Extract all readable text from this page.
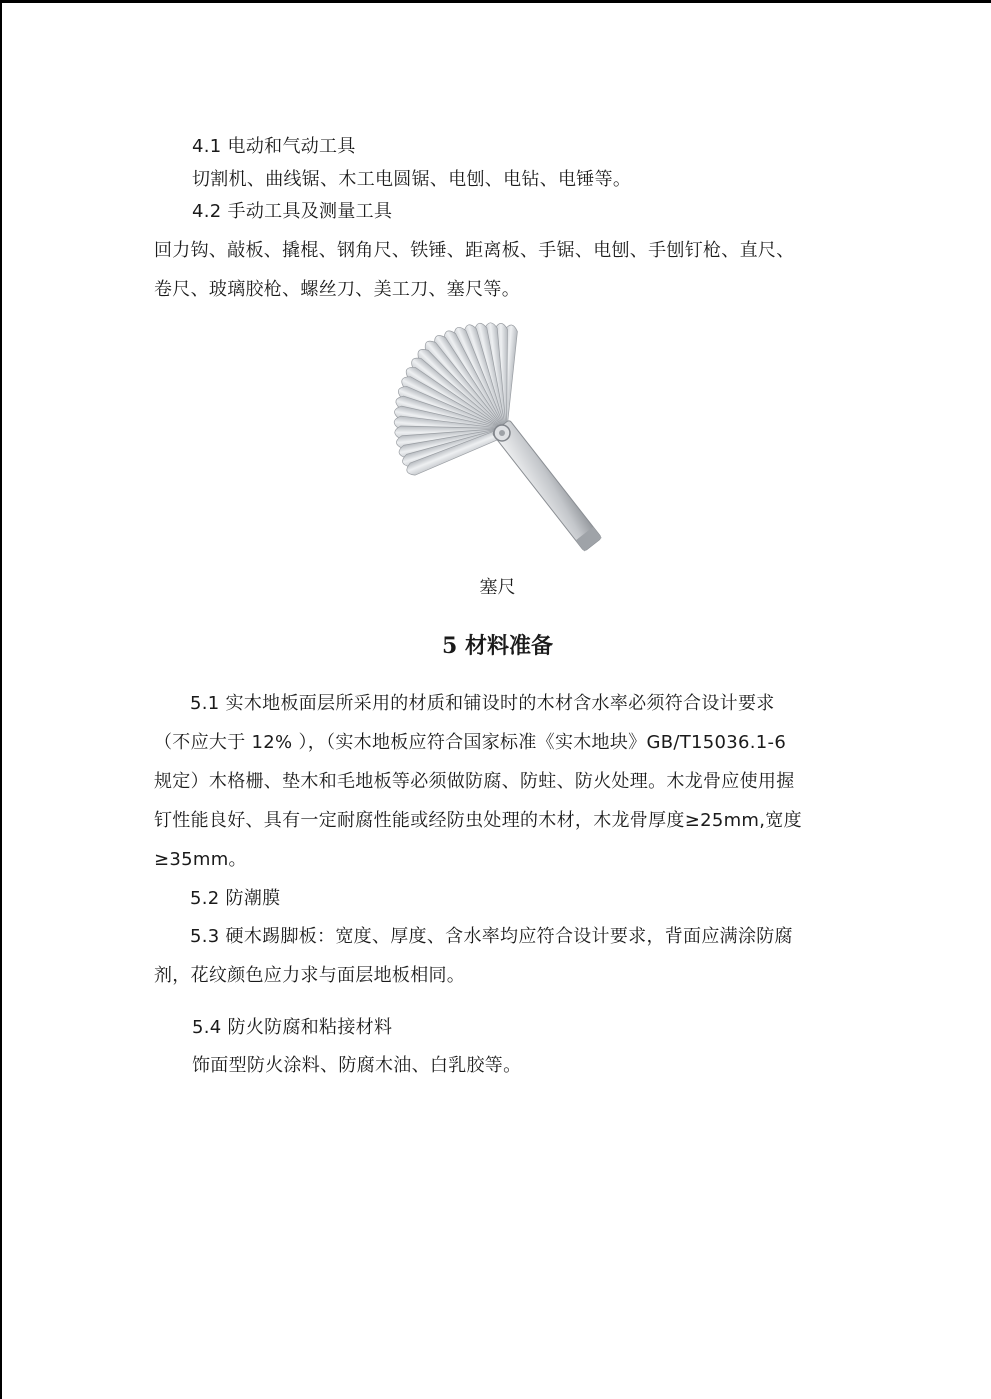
4.1 电动和气动工具
切割机、曲线锯、木工电圆锯、电刨、电钻、电锤等。
4.2 手动工具及测量工具
回力钩、敲板、撬棍、钢角尺、铁锤、距离板、手锯、电刨、手刨钉枪、直尺、
卷尺、玻璃胶枪、螺丝刀、美工刀、塞尺等。
塞尺
5 材料准备
5.1 实木地板面层所采用的材质和铺设时的木材含水率必须符合设计要求
（不应大于 12% ），（实木地板应符合国家标准《实木地块》GB/T15036.1-6
规定）木格栅、垫木和毛地板等必须做防腐、防蛀、防火处理。木龙骨应使用握
钉性能良好、具有一定耐腐性能或经防虫处理的木材，木龙骨厚度≥25mm,宽度
≥35mm。
5.2 防潮膜
5.3 硬木踢脚板：宽度、厚度、含水率均应符合设计要求，背面应满涂防腐
剂，花纹颜色应力求与面层地板相同。
5.4 防火防腐和粘接材料
饰面型防火涂料、防腐木油、白乳胶等。
